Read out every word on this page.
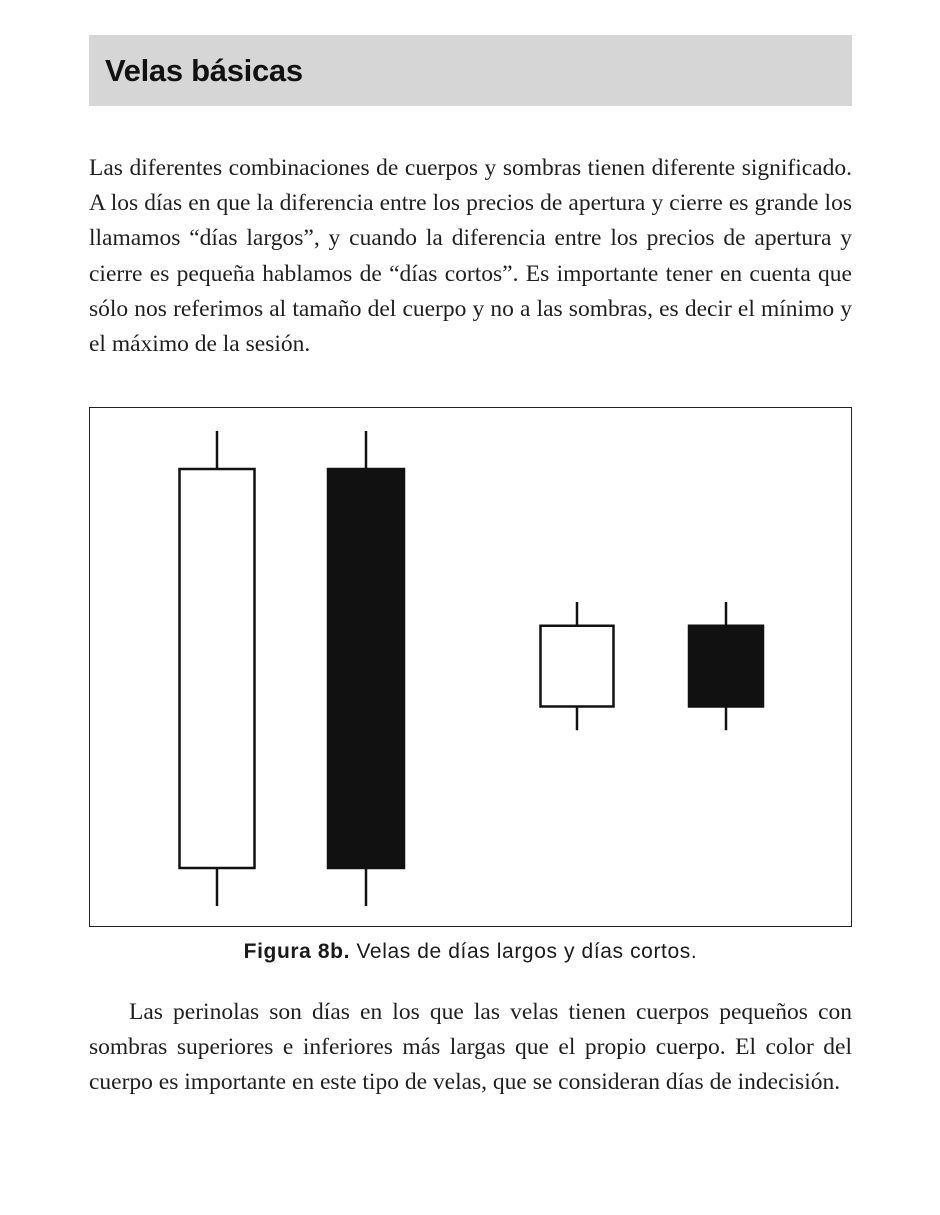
Velas básicas

Las diferentes combinaciones de cuerpos y sombras tienen diferente significado. A los días en que la diferencia entre los precios de apertura y cierre es grande los llamamos “días largos”, y cuando la diferencia entre los precios de apertura y cierre es pequeña hablamos de “días cortos”. Es importante tener en cuenta que sólo nos referimos al tamaño del cuerpo y no a las sombras, es decir el mínimo y el máximo de la sesión.

Figura 8b. Velas de días largos y días cortos.

Las perinolas son días en los que las velas tienen cuerpos pequeños con sombras superiores e inferiores más largas que el propio cuerpo. El color del cuerpo es importante en este tipo de velas, que se consideran días de indecisión.
